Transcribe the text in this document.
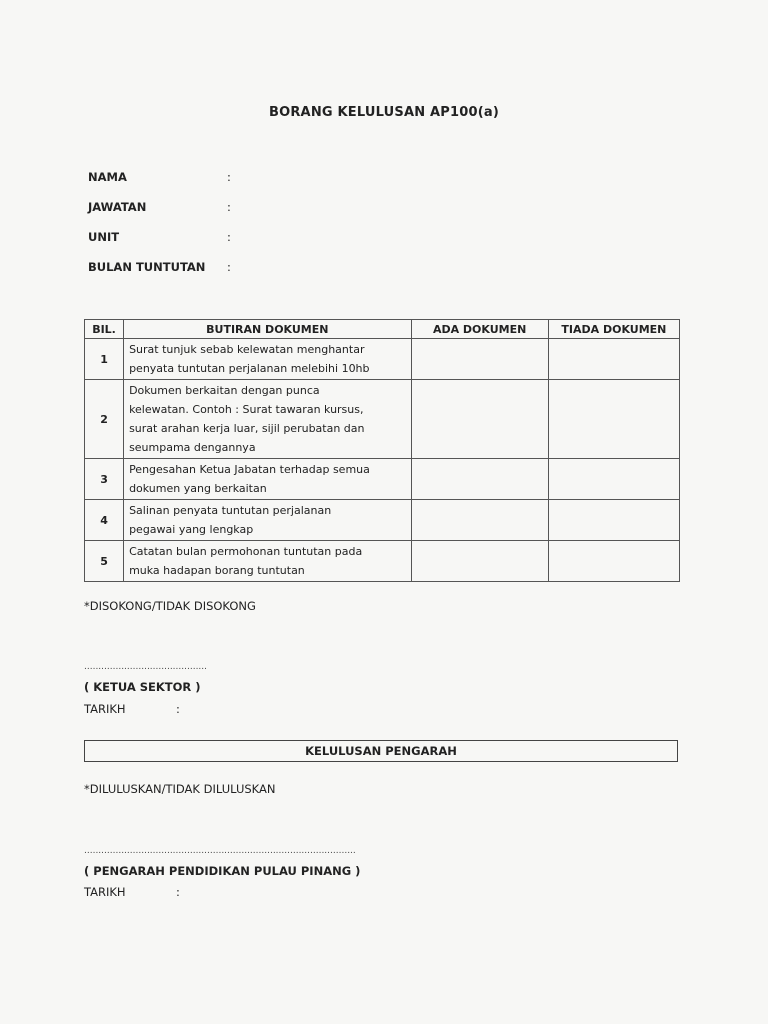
BORANG KELULUSAN AP100(a)
NAMA	:
JAWATAN	:
UNIT	:
BULAN TUNTUTAN :
BIL.	BUTIRAN DOKUMEN	ADA DOKUMEN	TIADA DOKUMEN
1	Surat tunjuk sebab kelewatan menghantar
penyata tuntutan perjalanan melebihi 10hb		

2	Dokumen berkaitan dengan punca
kelewatan. Contoh : Surat tawaran kursus,
surat arahan kerja luar, sijil perubatan dan
seumpama dengannya		

3	Pengesahan Ketua Jabatan terhadap semua
dokumen yang berkaitan		

4	Salinan penyata tuntutan perjalanan
pegawai yang lengkap		

5	Catatan bulan permohonan tuntutan pada
muka hadapan borang tuntutan		

*DISOKONG/TIDAK DISOKONG
...........................................
( KETUA SEKTOR )
TARIKH	:
KELULUSAN PENGARAH
*DILULUSKAN/TIDAK DILULUSKAN
...............................................................................................
( PENGARAH PENDIDIKAN PULAU PINANG )
TARIKH	:
